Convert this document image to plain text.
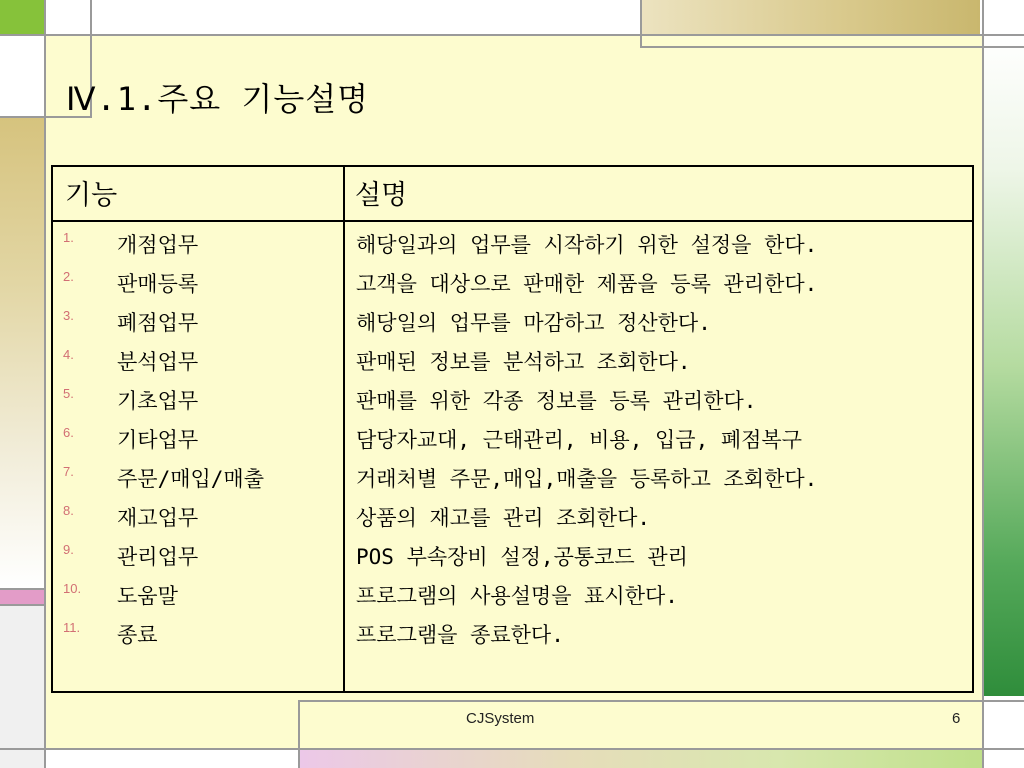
Ⅳ.1.주요 기능설명
기능	설명
1. 개점업무	해당일과의 업무를 시작하기 위한 설정을 한다.
2. 판매등록	고객을 대상으로 판매한 제품을 등록 관리한다.
3. 폐점업무	해당일의 업무를 마감하고 정산한다.
4. 분석업무	판매된 정보를 분석하고 조회한다.
5. 기초업무	판매를 위한 각종 정보를 등록 관리한다.
6. 기타업무	담당자교대, 근태관리, 비용, 입금, 폐점복구
7. 주문/매입/매출	거래처별 주문,매입,매출을 등록하고 조회한다.
8. 재고업무	상품의 재고를 관리 조회한다.
9. 관리업무	POS 부속장비 설정,공통코드 관리
10. 도움말	프로그램의 사용설명을 표시한다.
11. 종료	프로그램을 종료한다.
CJSystem	6
